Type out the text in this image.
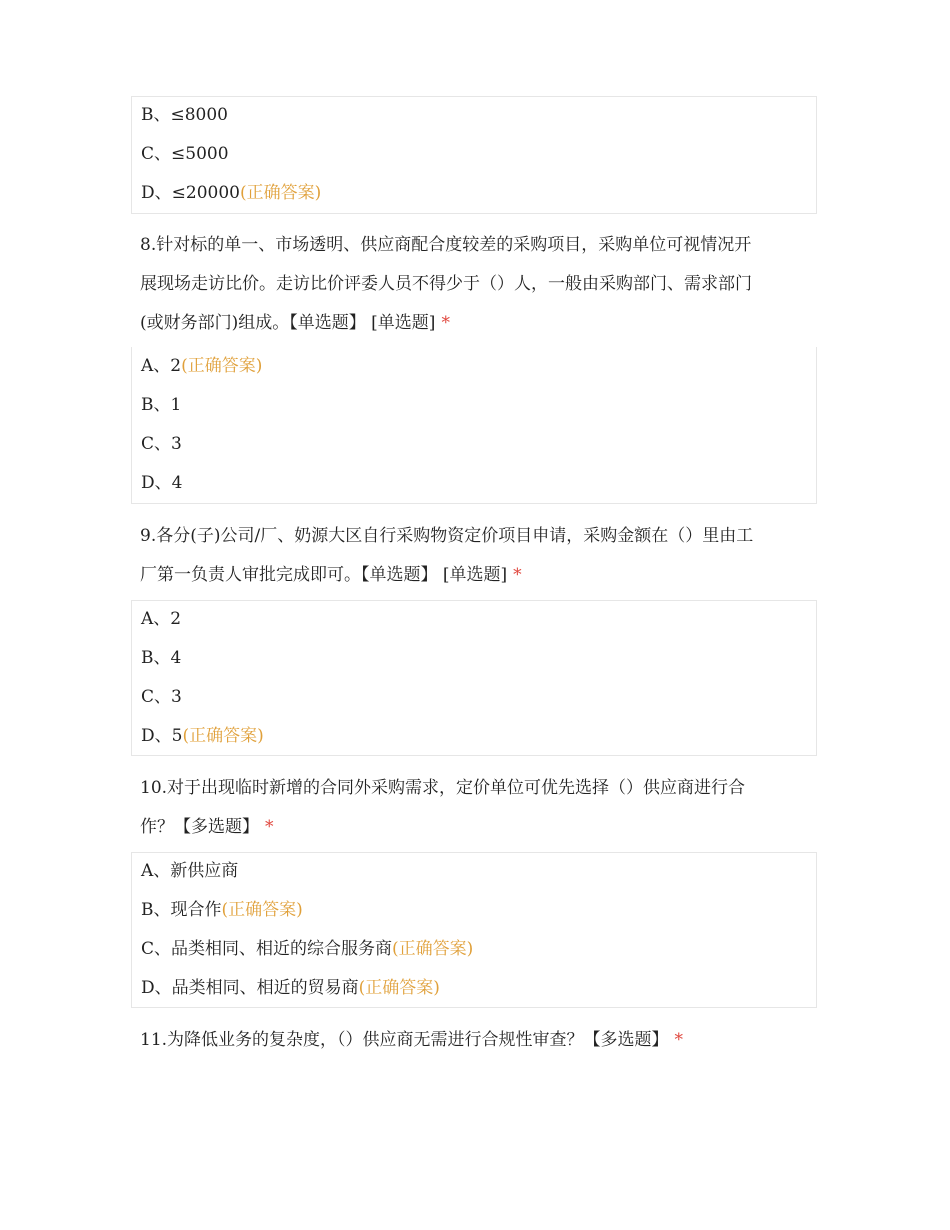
B、≤8000
C、≤5000
D、≤20000(正确答案)
8.针对标的单一、市场透明、供应商配合度较差的采购项目，采购单位可视情况开
展现场走访比价。走访比价评委人员不得少于（）人，一般由采购部门、需求部门
(或财务部门)组成。【单选题】 [单选题] *
A、2(正确答案)
B、1
C、3
D、4
9.各分(子)公司/厂、奶源大区自行采购物资定价项目申请，采购金额在（）里由工
厂第一负责人审批完成即可。【单选题】 [单选题] *
A、2
B、4
C、3
D、5(正确答案)
10.对于出现临时新增的合同外采购需求，定价单位可优先选择（）供应商进行合
作？【多选题】 *
A、新供应商
B、现合作(正确答案)
C、品类相同、相近的综合服务商(正确答案)
D、品类相同、相近的贸易商(正确答案)
11.为降低业务的复杂度，（）供应商无需进行合规性审查？【多选题】 *
